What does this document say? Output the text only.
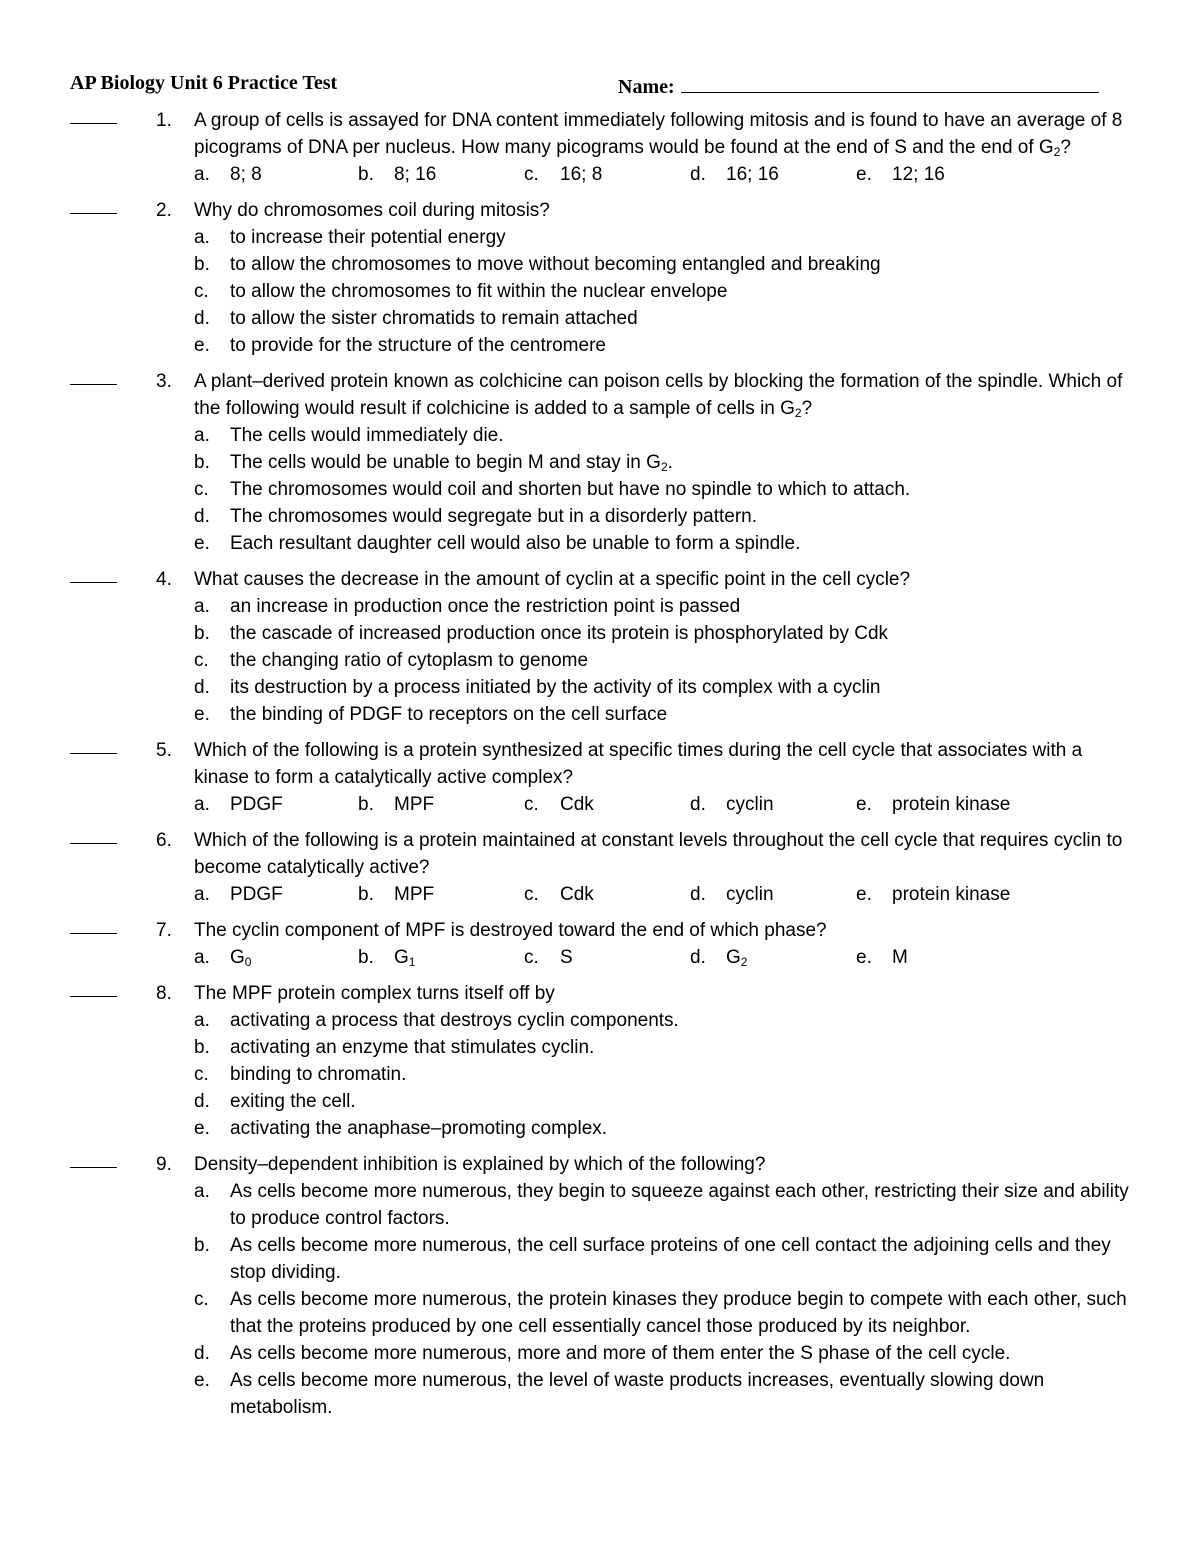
AP Biology Unit 6 Practice Test	Name:
1. A group of cells is assayed for DNA content immediately following mitosis and is found to have an average of 8 picograms of DNA per nucleus. How many picograms would be found at the end of S and the end of $G_2$?
a. 8; 8	b. 8; 16	c. 16; 8	d. 16; 16	e. 12; 16
2. Why do chromosomes coil during mitosis?
a. to increase their potential energy
b. to allow the chromosomes to move without becoming entangled and breaking
c. to allow the chromosomes to fit within the nuclear envelope
d. to allow the sister chromatids to remain attached
e. to provide for the structure of the centromere
3. A plant–derived protein known as colchicine can poison cells by blocking the formation of the spindle. Which of the following would result if colchicine is added to a sample of cells in $G_2$?
a. The cells would immediately die.
b. The cells would be unable to begin M and stay in $G_2$.
c. The chromosomes would coil and shorten but have no spindle to which to attach.
d. The chromosomes would segregate but in a disorderly pattern.
e. Each resultant daughter cell would also be unable to form a spindle.
4. What causes the decrease in the amount of cyclin at a specific point in the cell cycle?
a. an increase in production once the restriction point is passed
b. the cascade of increased production once its protein is phosphorylated by Cdk
c. the changing ratio of cytoplasm to genome
d. its destruction by a process initiated by the activity of its complex with a cyclin
e. the binding of PDGF to receptors on the cell surface
5. Which of the following is a protein synthesized at specific times during the cell cycle that associates with a kinase to form a catalytically active complex?
a. PDGF	b. MPF	c. Cdk	d. cyclin	e. protein kinase
6. Which of the following is a protein maintained at constant levels throughout the cell cycle that requires cyclin to become catalytically active?
a. PDGF	b. MPF	c. Cdk	d. cyclin	e. protein kinase
7. The cyclin component of MPF is destroyed toward the end of which phase?
a. $G_0$	b. $G_1$	c. S	d. $G_2$	e. M
8. The MPF protein complex turns itself off by
a. activating a process that destroys cyclin components.
b. activating an enzyme that stimulates cyclin.
c. binding to chromatin.
d. exiting the cell.
e. activating the anaphase–promoting complex.
9. Density–dependent inhibition is explained by which of the following?
a. As cells become more numerous, they begin to squeeze against each other, restricting their size and ability to produce control factors.
b. As cells become more numerous, the cell surface proteins of one cell contact the adjoining cells and they stop dividing.
c. As cells become more numerous, the protein kinases they produce begin to compete with each other, such that the proteins produced by one cell essentially cancel those produced by its neighbor.
d. As cells become more numerous, more and more of them enter the S phase of the cell cycle.
e. As cells become more numerous, the level of waste products increases, eventually slowing down metabolism.
